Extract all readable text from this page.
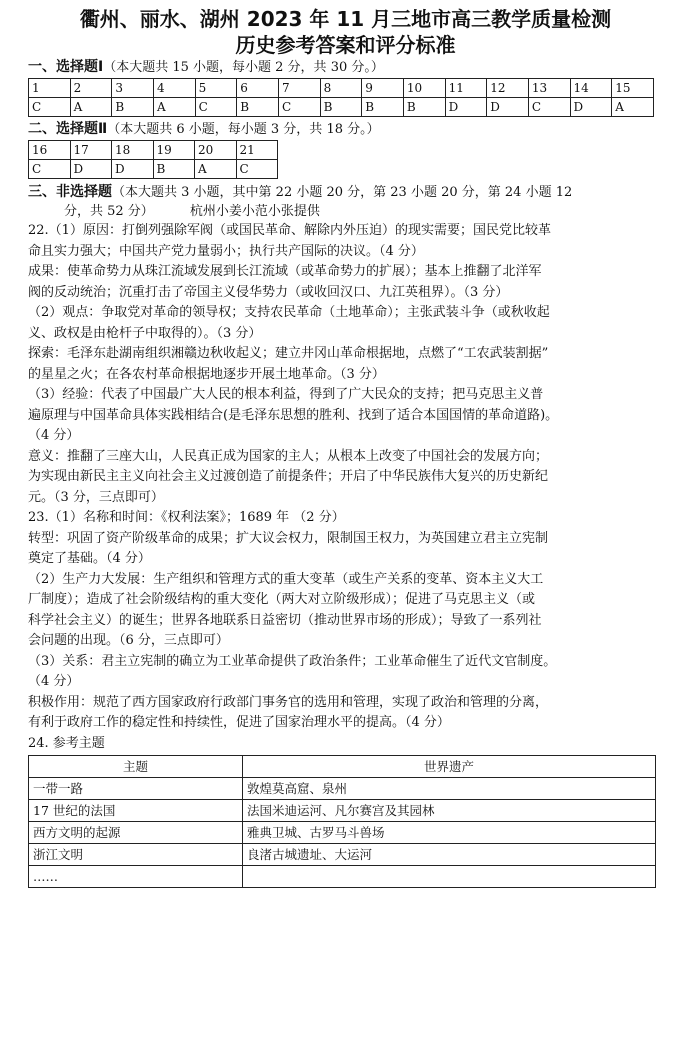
衢州、丽水、湖州 2023 年 11 月三地市高三教学质量检测
历史参考答案和评分标准

一、选择题Ⅰ（本大题共 15 小题，每小题 2 分，共 30 分。）

1	2	3	4	5	6	7	8	9	10	11	12	13	14	15
C	A	B	A	C	B	C	B	B	B	D	D	C	D	A

二、选择题Ⅱ（本大题共 6 小题，每小题 3 分，共 18 分。）

16	17	18	19	20	21
C	D	D	B	A	C

三、非选择题（本大题共 3 小题，其中第 22 小题 20 分，第 23 小题 20 分，第 24 小题 12

分，共 52 分）	杭州小姜小范小张提供

22.（1）原因：打倒列强除军阀（或国民革命、解除内外压迫）的现实需要；国民党比较革

命且实力强大；中国共产党力量弱小；执行共产国际的决议。（4 分）

成果：使革命势力从珠江流域发展到长江流域（或革命势力的扩展）；基本上推翻了北洋军

阀的反动统治；沉重打击了帝国主义侵华势力（或收回汉口、九江英租界）。（3 分）

（2）观点：争取党对革命的领导权；支持农民革命（土地革命）；主张武装斗争（或秋收起

义、政权是由枪杆子中取得的）。（3 分）

探索：毛泽东赴湖南组织湘赣边秋收起义；建立井冈山革命根据地，点燃了“工农武装割据”

的星星之火；在各农村革命根据地逐步开展土地革命。（3 分）

（3）经验：代表了中国最广大人民的根本利益，得到了广大民众的支持；把马克思主义普

遍原理与中国革命具体实践相结合(是毛泽东思想的胜利、找到了适合本国国情的革命道路)。

（4 分）

意义：推翻了三座大山，人民真正成为国家的主人；从根本上改变了中国社会的发展方向；

为实现由新民主主义向社会主义过渡创造了前提条件；开启了中华民族伟大复兴的历史新纪

元。（3 分，三点即可）

23.（1）名称和时间：《权利法案》；1689 年 （2 分）

转型：巩固了资产阶级革命的成果；扩大议会权力，限制国王权力，为英国建立君主立宪制

奠定了基础。（4 分）

（2）生产力大发展：生产组织和管理方式的重大变革（或生产关系的变革、资本主义大工

厂制度）；造成了社会阶级结构的重大变化（两大对立阶级形成）；促进了马克思主义（或

科学社会主义）的诞生；世界各地联系日益密切（推动世界市场的形成）；导致了一系列社

会问题的出现。（6 分，三点即可）

（3）关系：君主立宪制的确立为工业革命提供了政治条件；工业革命催生了近代文官制度。

（4 分）

积极作用：规范了西方国家政府行政部门事务官的选用和管理，实现了政治和管理的分离，

有利于政府工作的稳定性和持续性，促进了国家治理水平的提高。（4 分）

24. 参考主题

主题	世界遗产
一带一路	敦煌莫高窟、泉州
17 世纪的法国	法国米迪运河、凡尔赛宫及其园林
西方文明的起源	雅典卫城、古罗马斗兽场
浙江文明	良渚古城遗址、大运河
……	
